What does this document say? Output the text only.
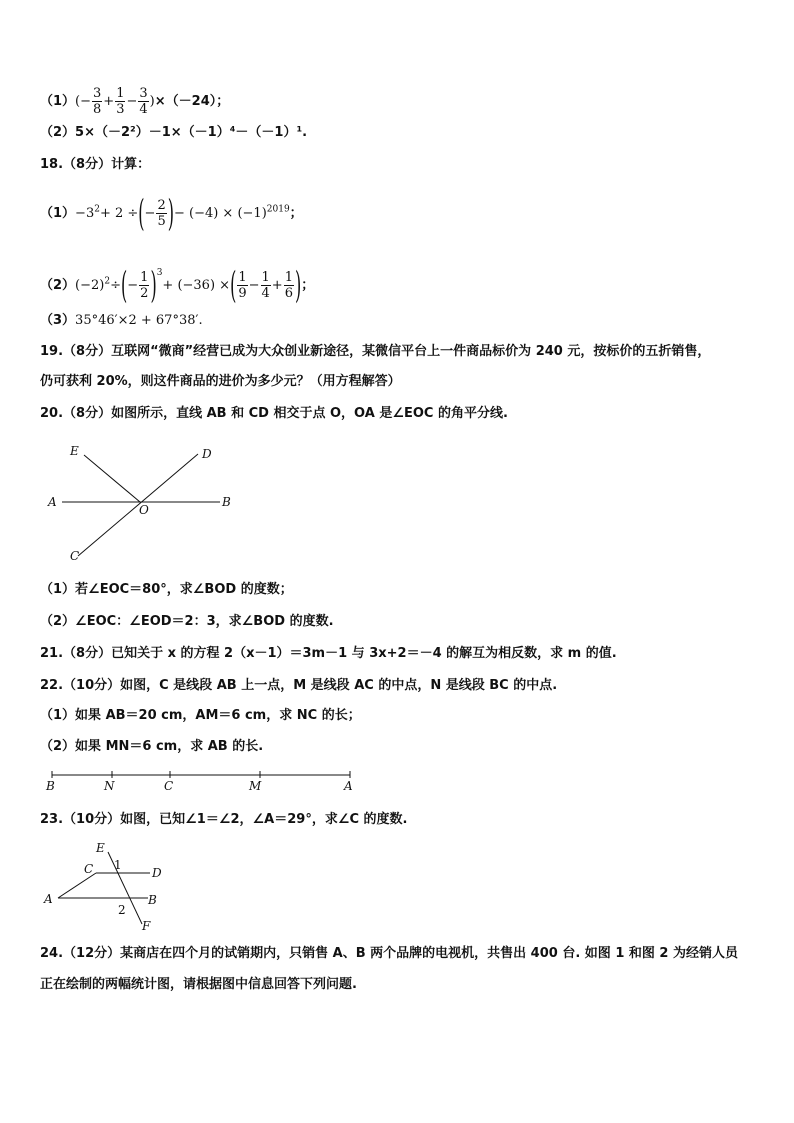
$(1)(- \frac{3}{8} + \frac{1}{3} - \frac{3}{4} )\times(-24)$；
（2）5×（－2²）－1×（－1）⁴－（－1）¹.
18.（8分）计算：
$(1)-3^2+ 2$ ÷(− $\frac{2}{5}$ )− $(-4) \times (-1)^{2019}$；
$(2)(-2)^2\div(- \frac{1}{2} )^3+ (-36)$ ×( $\frac{1}{9} - \frac{1}{4} + \frac{1}{6}$ )；
（3）35°46′×2 + 67°38′.
19.（8分）互联网“微商”经营已成为大众创业新途径，某微信平台上一件商品标价为 240 元，按标价的五折销售，
仍可获利 20%，则这件商品的进价为多少元？（用方程解答）
20.（8分）如图所示，直线 AB 和 CD 相交于点 O，OA 是∠EOC 的角平分线.
E	D
A
O
B
C
（1）若∠EOC＝80°，求∠BOD 的度数；
（2）∠EOC：∠EOD＝2：3，求∠BOD 的度数.
21.（8分）已知关于 x 的方程 2（x－1）＝3m－1 与 3x+2＝－4 的解互为相反数，求 m 的值.
22.（10分）如图，C 是线段 AB 上一点，M 是线段 AC 的中点，N 是线段 BC 的中点.
（1）如果 AB＝20 cm，AM＝6 cm，求 NC 的长；
（2）如果 MN＝6 cm，求 AB 的长.
B	N	C	M	A
23.（10分）如图，已知∠1＝∠2，∠A＝29°，求∠C 的度数.
E
C 1
D
A	B
2
F
24.（12分）某商店在四个月的试销期内，只销售 A、B 两个品牌的电视机，共售出 400 台. 如图 1 和图 2 为经销人员
正在绘制的两幅统计图，请根据图中信息回答下列问题.
